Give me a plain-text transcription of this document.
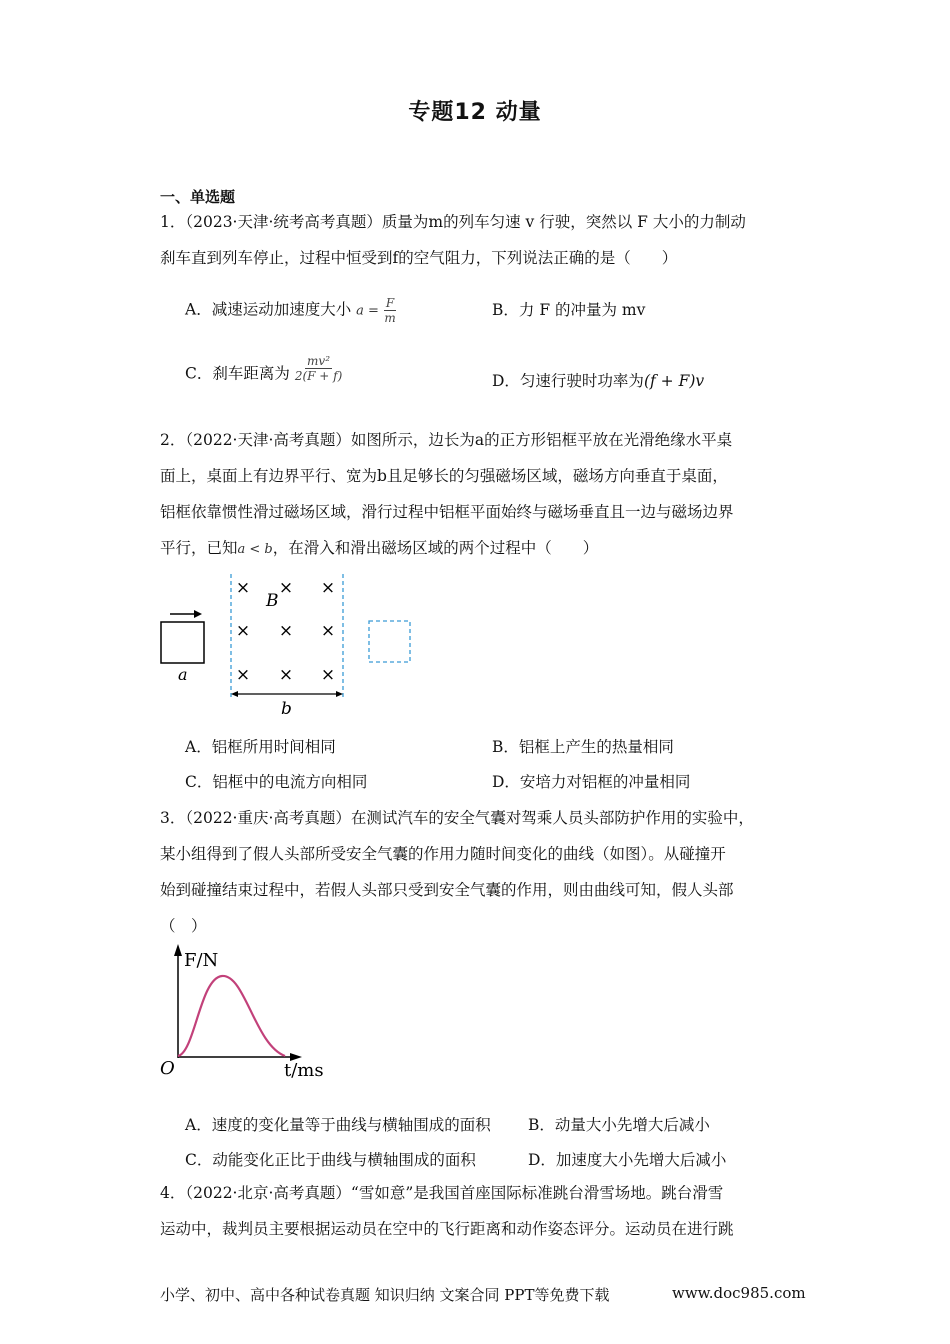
专题12 动量
一、单选题
1．（2023·天津·统考高考真题）质量为m的列车匀速 v 行驶，突然以 F 大小的力制动
刹车直到列车停止，过程中恒受到f的空气阻力，下列说法正确的是（　　）
A．减速运动加速度大小 $a = \frac{F}{m}$	B．力 F 的冲量为 mv
C．刹车距离为 $\frac{\text{mv²}}{2(F + f)}$	D．匀速行驶时功率为(f + F)v
2．（2022·天津·高考真题）如图所示，边长为a的正方形铝框平放在光滑绝缘水平桌
面上，桌面上有边界平行、宽为b且足够长的匀强磁场区域，磁场方向垂直于桌面，
铝框依靠惯性滑过磁场区域，滑行过程中铝框平面始终与磁场垂直且一边与磁场边界
平行，已知a < b，在滑入和滑出磁场区域的两个过程中（　　）
a
× × ×
× × ×
× × ×
B
b
A．铝框所用时间相同	B．铝框上产生的热量相同
C．铝框中的电流方向相同	D．安培力对铝框的冲量相同
3．（2022·重庆·高考真题）在测试汽车的安全气囊对驾乘人员头部防护作用的实验中，
某小组得到了假人头部所受安全气囊的作用力随时间变化的曲线（如图）。从碰撞开
始到碰撞结束过程中，若假人头部只受到安全气囊的作用，则由曲线可知，假人头部
（　）
F/N
t/ms
O
A．速度的变化量等于曲线与横轴围成的面积 B．动量大小先增大后减小
C．动能变化正比于曲线与横轴围成的面积	D．加速度大小先增大后减小
4．（2022·北京·高考真题）“雪如意”是我国首座国际标准跳台滑雪场地。跳台滑雪
运动中，裁判员主要根据运动员在空中的飞行距离和动作姿态评分。运动员在进行跳
小学、初中、高中各种试卷真题 知识归纳 文案合同 PPT等免费下载	www.doc985.com
